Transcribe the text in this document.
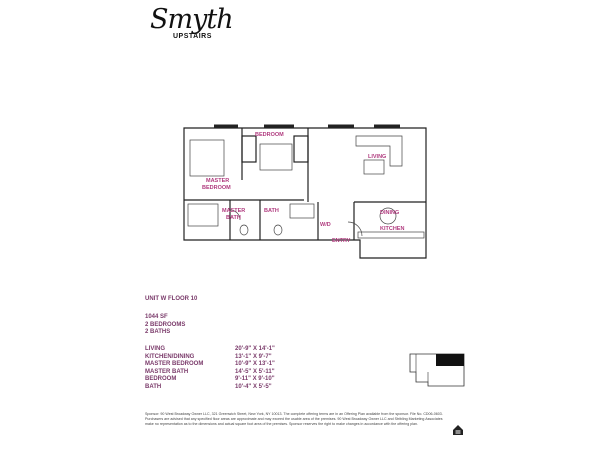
Smyth
UPSTAIRS
BEDROOM
LIVING
MASTER
BEDROOM
MASTER
BATH
BATH	DINING
KITCHEN
ENTRY
W/D
UNIT W FLOOR 10
1044 SF
2 BEDROOMS
2 BATHS
LIVING	20'-9" X 14'-1"
KITCHEN/DINING	13'-1" X 9'-7"
MASTER BEDROOM	10'-9" X 13'-1"
MASTER BATH	14'-5" X 5'-11"
BEDROOM	9'-11" X 9'-10"
BATH	10'-4" X 5'-5"
Sponsor: 90 West Broadway Owner LLC, 321 Greenwich Street, New York, NY 10013. The complete offering terms are in an Offering Plan available from the sponsor. File No. CD06-0603. Purchasers are advised that any specified floor areas are approximate and may exceed the usable area of the premises. 90 West Broadway Owner LLC and Stribling Marketing Associates make no representation as to the dimensions and actual square foot area of the premises. Sponsor reserves the right to make changes in accordance with the offering plan.
